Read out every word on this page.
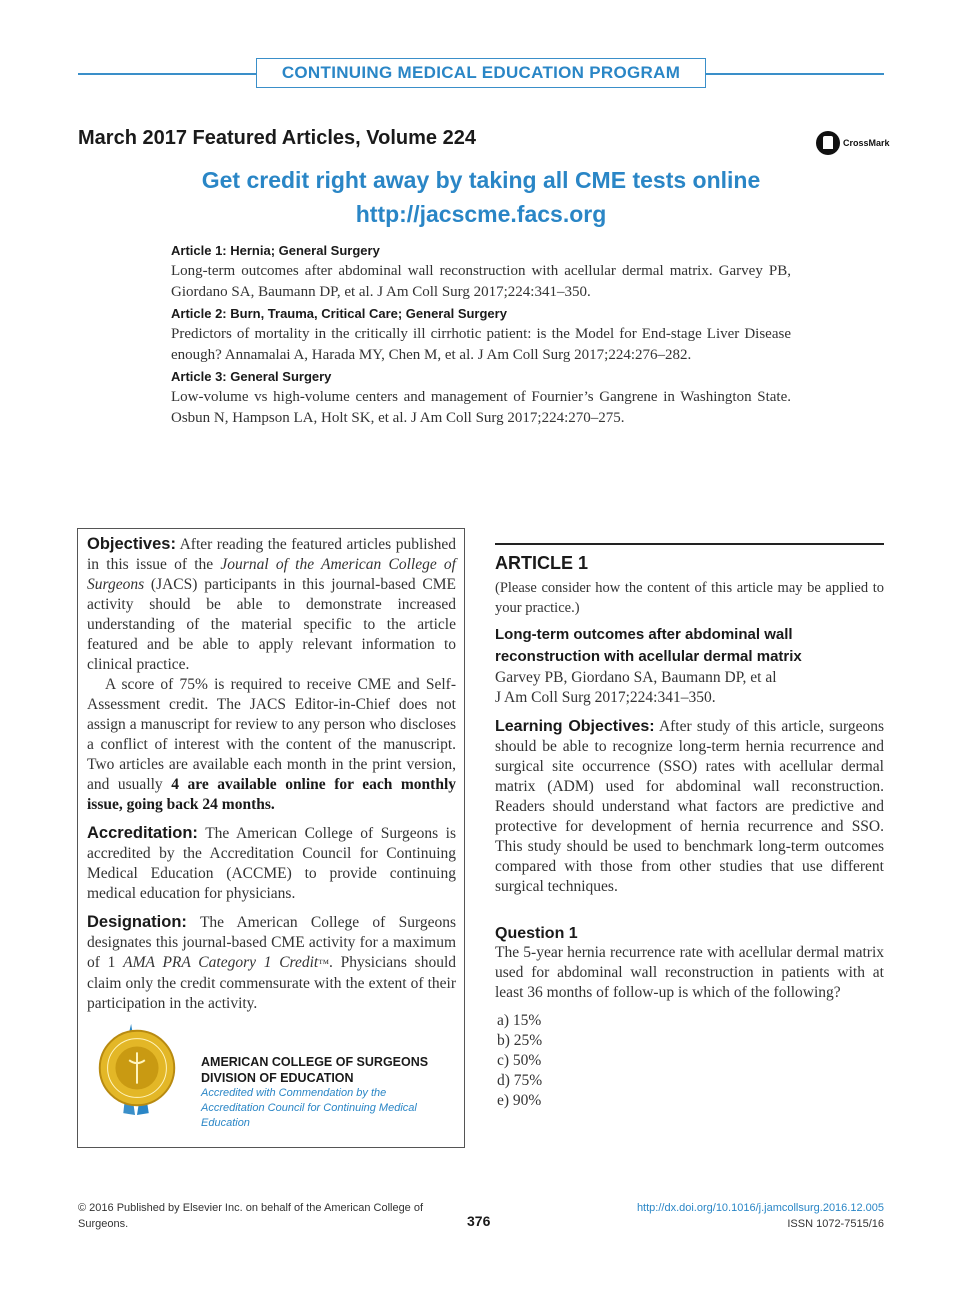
CONTINUING MEDICAL EDUCATION PROGRAM
March 2017 Featured Articles, Volume 224	CrossMark
Get credit right away by taking all CME tests online
http://jacscme.facs.org
Article 1: Hernia; General Surgery
Long-term outcomes after abdominal wall reconstruction with acellular dermal matrix. Garvey PB, Giordano SA, Baumann DP, et al. J Am Coll Surg 2017;224:341–350.
Article 2: Burn, Trauma, Critical Care; General Surgery
Predictors of mortality in the critically ill cirrhotic patient: is the Model for End-stage Liver Disease enough? Annamalai A, Harada MY, Chen M, et al. J Am Coll Surg 2017;224:276–282.
Article 3: General Surgery
Low-volume vs high-volume centers and management of Fournier’s Gangrene in Washington State. Osbun N, Hampson LA, Holt SK, et al. J Am Coll Surg 2017;224:270–275.

Objectives: After reading the featured articles published in this issue of the Journal of the American College of Surgeons (JACS) participants in this journal-based CME activity should be able to demonstrate increased understanding of the material specific to the article featured and be able to apply relevant information to clinical practice.

A score of 75% is required to receive CME and Self-Assessment credit. The JACS Editor-in-Chief does not assign a manuscript for review to any person who discloses a conflict of interest with the content of the manuscript. Two articles are available each month in the print version, and usually 4 are available online for each monthly issue, going back 24 months.

Accreditation: The American College of Surgeons is accredited by the Accreditation Council for Continuing Medical Education (ACCME) to provide continuing medical education for physicians.

Designation: The American College of Surgeons designates this journal-based CME activity for a maximum of 1 AMA PRA Category 1 Credit™. Physicians should claim only the credit commensurate with the extent of their participation in the activity.

AMERICAN COLLEGE OF SURGEONS
DIVISION OF EDUCATION
Accredited with Commendation by the
Accreditation Council for Continuing Medical Education
ARTICLE 1

(Please consider how the content of this article may be applied to your practice.)

Long-term outcomes after abdominal wall reconstruction with acellular dermal matrix

Garvey PB, Giordano SA, Baumann DP, et al

J Am Coll Surg 2017;224:341–350.

Learning Objectives: After study of this article, surgeons should be able to recognize long-term hernia recurrence and surgical site occurrence (SSO) rates with acellular dermal matrix (ADM) used for abdominal wall reconstruction. Readers should understand what factors are predictive and protective for development of hernia recurrence and SSO. This study should be used to benchmark long-term outcomes compared with those from other studies that use different surgical techniques.

Question 1

The 5-year hernia recurrence rate with acellular dermal matrix used for abdominal wall reconstruction in patients with at least 36 months of follow-up is which of the following?

a) 15%
b) 25%
c) 50%
d) 75%
e) 90%
© 2016 Published by Elsevier Inc. on behalf of the American College of Surgeons.	376
http://dx.doi.org/10.1016/j.jamcollsurg.2016.12.005
ISSN 1072-7515/16
